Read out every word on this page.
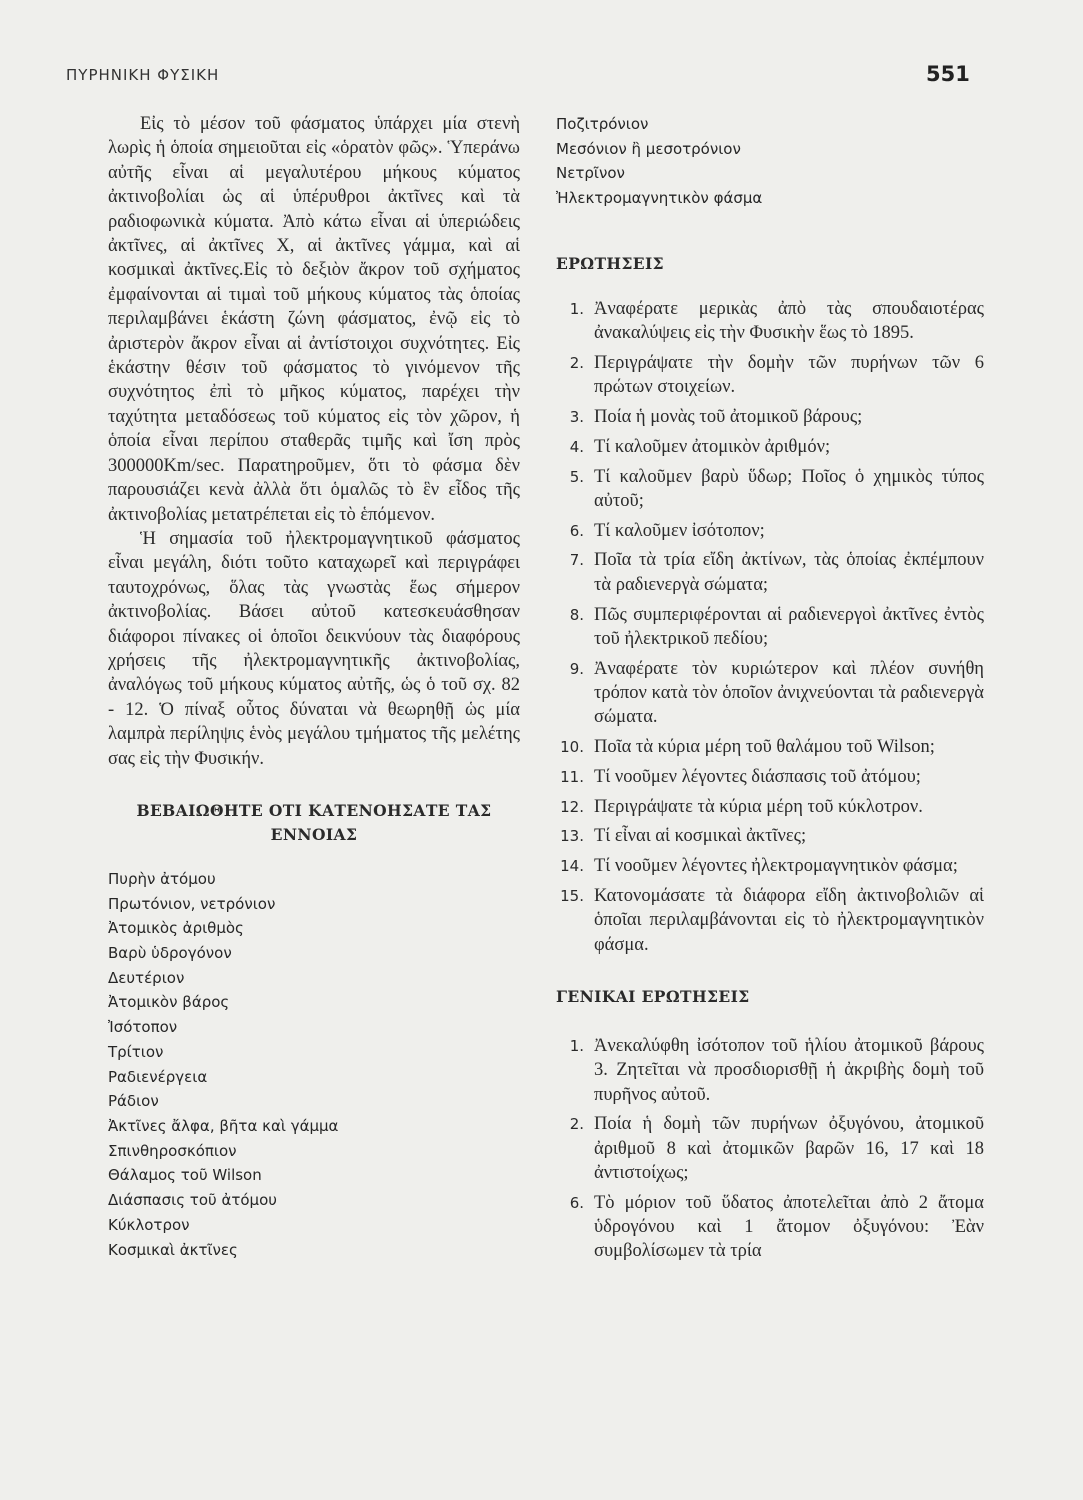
ΠΥΡΗΝΙΚΗ ΦΥΣΙΚΗ	551

Εἰς τὸ μέσον τοῦ φάσματος ὑπάρχει μία στενὴ λωρὶς ἡ ὁποία σημειοῦται εἰς «ὁρατὸν φῶς». Ὑπεράνω αὐτῆς εἶναι αἱ μεγαλυτέρου μήκους κύματος ἀκτινοβολίαι ὡς αἱ ὑπέρυθροι ἀκτῖνες καὶ τὰ ραδιοφωνικὰ κύματα. Ἀπὸ κάτω εἶναι αἱ ὑπεριώδεις ἀκτῖνες, αἱ ἀκτῖνες X, αἱ ἀκτῖνες γάμμα, καὶ αἱ κοσμικαὶ ἀκτῖνες.Εἰς τὸ δεξιὸν ἄκρον τοῦ σχήματος ἐμφαίνονται αἱ τιμαὶ τοῦ μήκους κύματος τὰς ὁποίας περιλαμβάνει ἑκάστη ζώνη φάσματος, ἐνῷ εἰς τὸ ἀριστερὸν ἄκρον εἶναι αἱ ἀντίστοιχοι συχνότητες. Εἰς ἑκάστην θέσιν τοῦ φάσματος τὸ γινόμενον τῆς συχνότητος ἐπὶ τὸ μῆκος κύματος, παρέχει τὴν ταχύτητα μεταδόσεως τοῦ κύματος εἰς τὸν χῶρον, ἡ ὁποία εἶναι περίπου σταθερᾶς τιμῆς καὶ ἴση πρὸς 300000Km/sec. Παρατηροῦμεν, ὅτι τὸ φάσμα δὲν παρουσιάζει κενὰ ἀλλὰ ὅτι ὁμαλῶς τὸ ἓν εἶδος τῆς ἀκτινοβολίας μετατρέπεται εἰς τὸ ἑπόμενον.

Ἡ σημασία τοῦ ἠλεκτρομαγνητικοῦ φάσματος εἶναι μεγάλη, διότι τοῦτο καταχωρεῖ καὶ περιγράφει ταυτοχρόνως, ὅλας τὰς γνωστὰς ἕως σήμερον ἀκτινοβολίας. Βάσει αὐτοῦ κατεσκευάσθησαν διάφοροι πίνακες οἱ ὁποῖοι δεικνύουν τὰς διαφόρους χρήσεις τῆς ἠλεκτρομαγνητικῆς ἀκτινοβολίας, ἀναλόγως τοῦ μήκους κύματος αὐτῆς, ὡς ὁ τοῦ σχ. 82 - 12. Ὁ πίναξ οὗτος δύναται νὰ θεωρηθῇ ὡς μία λαμπρὰ περίληψις ἑνὸς μεγάλου τμήματος τῆς μελέτης σας εἰς τὴν Φυσικήν.

ΒΕΒΑΙΩΘΗΤΕ ΟΤΙ ΚΑΤΕΝΟΗΣΑΤΕ ΤΑΣ ΕΝΝΟΙΑΣ
Πυρὴν ἀτόμου
Πρωτόνιον, νετρόνιον
Ἀτομικὸς ἀριθμὸς
Βαρὺ ὑδρογόνον
Δευτέριον
Ἀτομικὸν βάρος
Ἰσότοπον
Τρίτιον
Ραδιενέργεια
Ράδιον
Ἀκτῖνες ἄλφα, βῆτα καὶ γάμμα
Σπινθηροσκόπιον
Θάλαμος τοῦ Wilson
Διάσπασις τοῦ ἀτόμου
Κύκλοτρον
Κοσμικαὶ ἀκτῖνες
Ποζιτρόνιον
Μεσόνιον ἢ μεσοτρόνιον
Νετρῖνον
Ἠλεκτρομαγνητικὸν φάσμα
ΕΡΩΤΗΣΕΙΣ
1. Ἀναφέρατε μερικὰς ἀπὸ τὰς σπουδαιοτέρας ἀνακαλύψεις εἰς τὴν Φυσικὴν ἕως τὸ 1895.
2. Περιγράψατε τὴν δομὴν τῶν πυρήνων τῶν 6 πρώτων στοιχείων.
3. Ποία ἡ μονὰς τοῦ ἀτομικοῦ βάρους;
4. Τί καλοῦμεν ἀτομικὸν ἀριθμόν;
5. Τί καλοῦμεν βαρὺ ὕδωρ; Ποῖος ὁ χημικὸς τύπος αὐτοῦ;
6. Τί καλοῦμεν ἰσότοπον;
7. Ποῖα τὰ τρία εἴδη ἀκτίνων, τὰς ὁποίας ἐκπέμπουν τὰ ραδιενεργὰ σώματα;
8. Πῶς συμπεριφέρονται αἱ ραδιενεργοὶ ἀκτῖνες ἐντὸς τοῦ ἠλεκτρικοῦ πεδίου;
9. Ἀναφέρατε τὸν κυριώτερον καὶ πλέον συνήθη τρόπον κατὰ τὸν ὁποῖον ἀνιχνεύονται τὰ ραδιενεργὰ σώματα.
10. Ποῖα τὰ κύρια μέρη τοῦ θαλάμου τοῦ Wilson;
11. Τί νοοῦμεν λέγοντες διάσπασις τοῦ ἀτόμου;
12. Περιγράψατε τὰ κύρια μέρη τοῦ κύκλοτρον.
13. Τί εἶναι αἱ κοσμικαὶ ἀκτῖνες;
14. Τί νοοῦμεν λέγοντες ἠλεκτρομαγνητικὸν φάσμα;
15. Κατονομάσατε τὰ διάφορα εἴδη ἀκτινοβολιῶν αἱ ὁποῖαι περιλαμβάνονται εἰς τὸ ἠλεκτρομαγνητικὸν φάσμα.
ΓΕΝΙΚΑΙ ΕΡΩΤΗΣΕΙΣ
1. Ἀνεκαλύφθη ἰσότοπον τοῦ ἡλίου ἀτομικοῦ βάρους 3. Ζητεῖται νὰ προσδιορισθῇ ἡ ἀκριβὴς δομὴ τοῦ πυρῆνος αὐτοῦ.
2. Ποία ἡ δομὴ τῶν πυρήνων ὀξυγόνου, ἀτομικοῦ ἀριθμοῦ 8 καὶ ἀτομικῶν βαρῶν 16, 17 καὶ 18 ἀντιστοίχως;
6. Τὸ μόριον τοῦ ὕδατος ἀποτελεῖται ἀπὸ 2 ἄτομα ὑδρογόνου καὶ 1 ἄτομον ὀξυγόνου: Ἐὰν συμβολίσωμεν τὰ τρία
